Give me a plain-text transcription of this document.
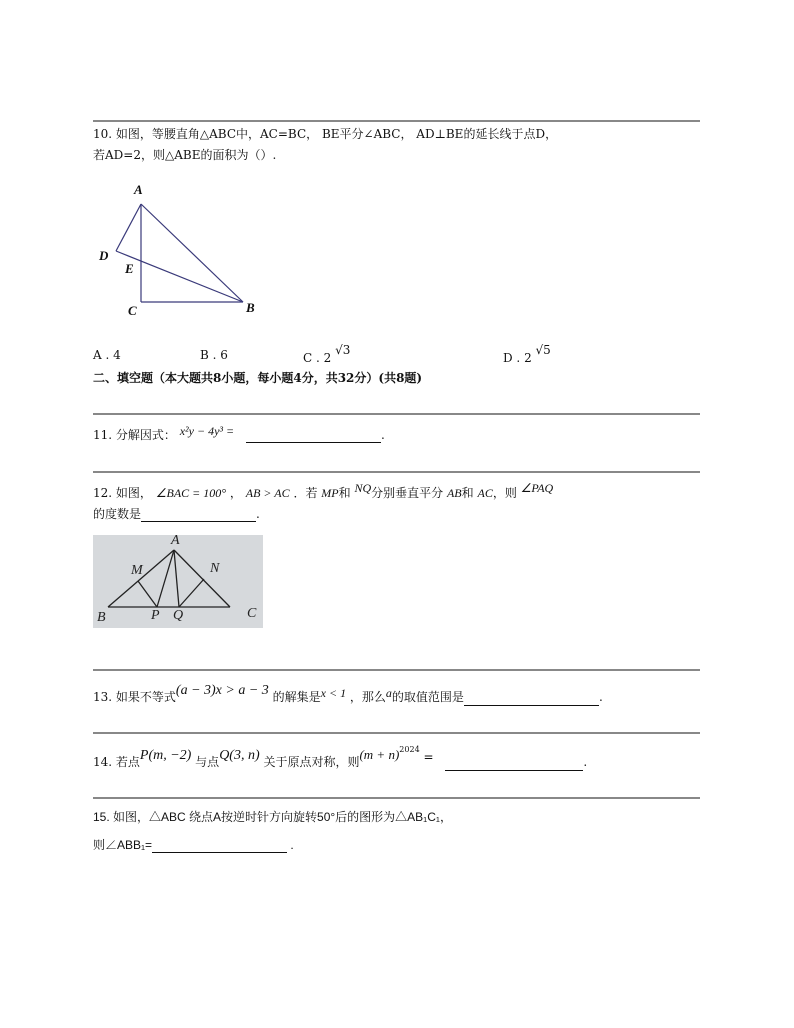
10. 如图，等腰直角△ABC中，AC=BC， BE平分∠ABC， AD⊥BE的延长线于点D，
若AD=2，则△ABE的面积为（）.
A
D
E
C	B
A . 4	B . 6	C . 2 √3
D . 2 √5
二、填空题（本大题共8小题，每小题4分，共32分）(共8题)
11. 分解因式： x²y − 4y³ =	.
12. 如图， ∠BAC = 100° ， AB > AC ．若 MP和 NQ分别垂直平分 AB和 AC，则 ∠PAQ
的度数是	.
A
M	N
B	P Q	C
13. 如果不等式(a − 3)x > a − 3 的解集是x < 1 ，那么a的取值范围是	.
14. 若点P(m, −2) 与点Q(3, n) 关于原点对称，则$(m + n)^{2024}$ =	.
15. 如图，△ABC 绕点A按逆时针方向旋转50°后的图形为△AB₁C₁，
则∠ABB₁=	.
